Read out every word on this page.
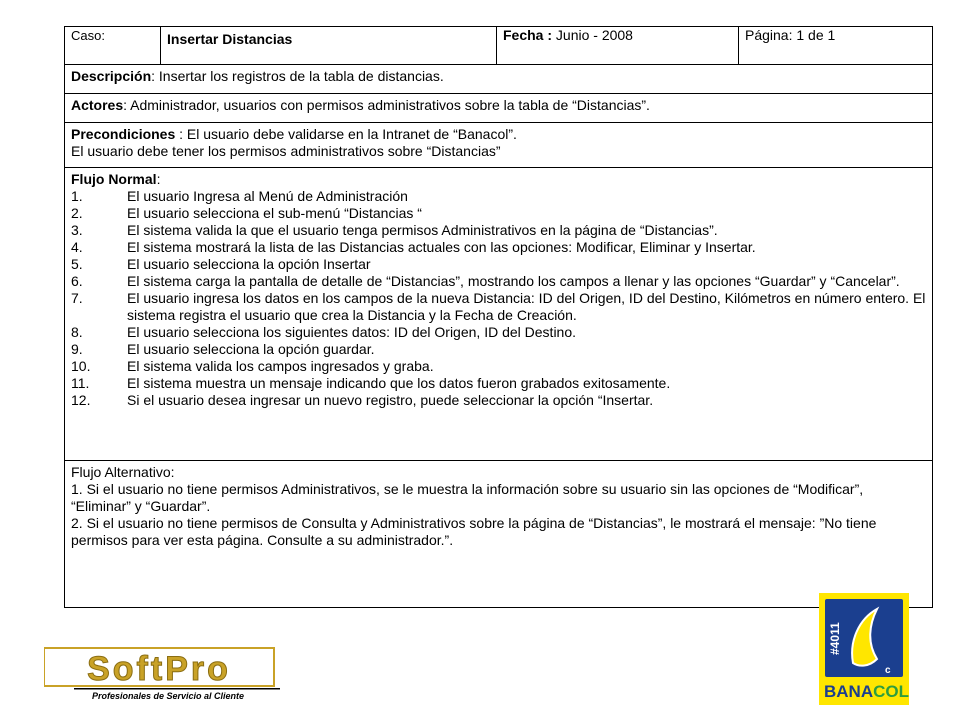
Caso:	Insertar Distancias	Fecha : Junio - 2008	Página: 1 de 1
Descripción: Insertar los registros de la tabla de distancias.
Actores: Administrador, usuarios con permisos administrativos sobre la tabla de “Distancias”.

Precondiciones : El usuario debe validarse en la Intranet de “Banacol”.
El usuario debe tener los permisos administrativos sobre “Distancias”

Flujo Normal:
1.	El usuario Ingresa al Menú de Administración
2.	El usuario selecciona el sub-menú “Distancias “
3.	El sistema valida la que el usuario tenga permisos Administrativos en la página de “Distancias”.
4.	El sistema mostrará la lista de las Distancias actuales con las opciones: Modificar, Eliminar y Insertar.
5.	El usuario selecciona la opción Insertar
6.	El sistema carga la pantalla de detalle de “Distancias”, mostrando los campos a llenar y las opciones “Guardar” y “Cancelar”.
7.	El usuario ingresa los datos en los campos de la nueva Distancia: ID del Origen, ID del Destino, Kilómetros en número entero. El sistema registra el usuario que crea la Distancia y la Fecha de Creación.
8.	El usuario selecciona los siguientes datos: ID del Origen, ID del Destino.
9.	El usuario selecciona la opción guardar.
10.	El sistema valida los campos ingresados y graba.
11.	El sistema muestra un mensaje indicando que los datos fueron grabados exitosamente.
12.	Si el usuario desea ingresar un nuevo registro, puede seleccionar la opción “Insertar.

Flujo Alternativo:
1. Si el usuario no tiene permisos Administrativos, se le muestra la información sobre su usuario sin las opciones de “Modificar”, “Eliminar” y “Guardar”.
2. Si el usuario no tiene permisos de Consulta y Administrativos sobre la página de “Distancias”, le mostrará el mensaje: ”No tiene permisos para ver esta página. Consulte a su administrador.”.
SoftPro
Profesionales de Servicio al Cliente
#4011
c
BANACOL
